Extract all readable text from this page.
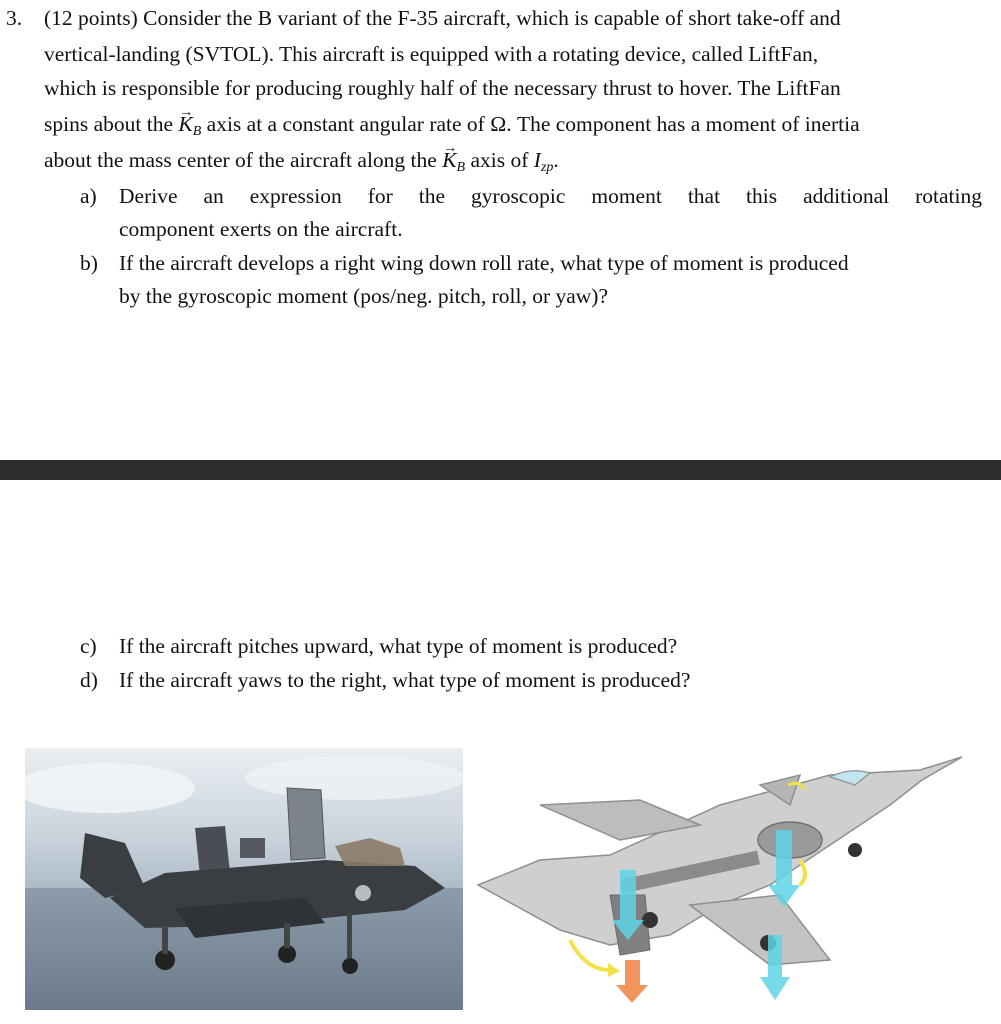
3. (12 points) Consider the B variant of the F-35 aircraft, which is capable of short take-off and
vertical-landing (SVTOL). This aircraft is equipped with a rotating device, called LiftFan,
which is responsible for producing roughly half of the necessary thrust to hover. The LiftFan
spins about the → $K_B$ axis at a constant angular rate of Ω. The component has a moment of inertia
about the mass center of the aircraft along the → $K_B$ axis of $I_{zp}$.
a) Derive an expression for the gyroscopic moment that this additional rotating
component exerts on the aircraft.
b) If the aircraft develops a right wing down roll rate, what type of moment is produced
by the gyroscopic moment (pos/neg. pitch, roll, or yaw)?
c) If the aircraft pitches upward, what type of moment is produced?
d) If the aircraft yaws to the right, what type of moment is produced?
